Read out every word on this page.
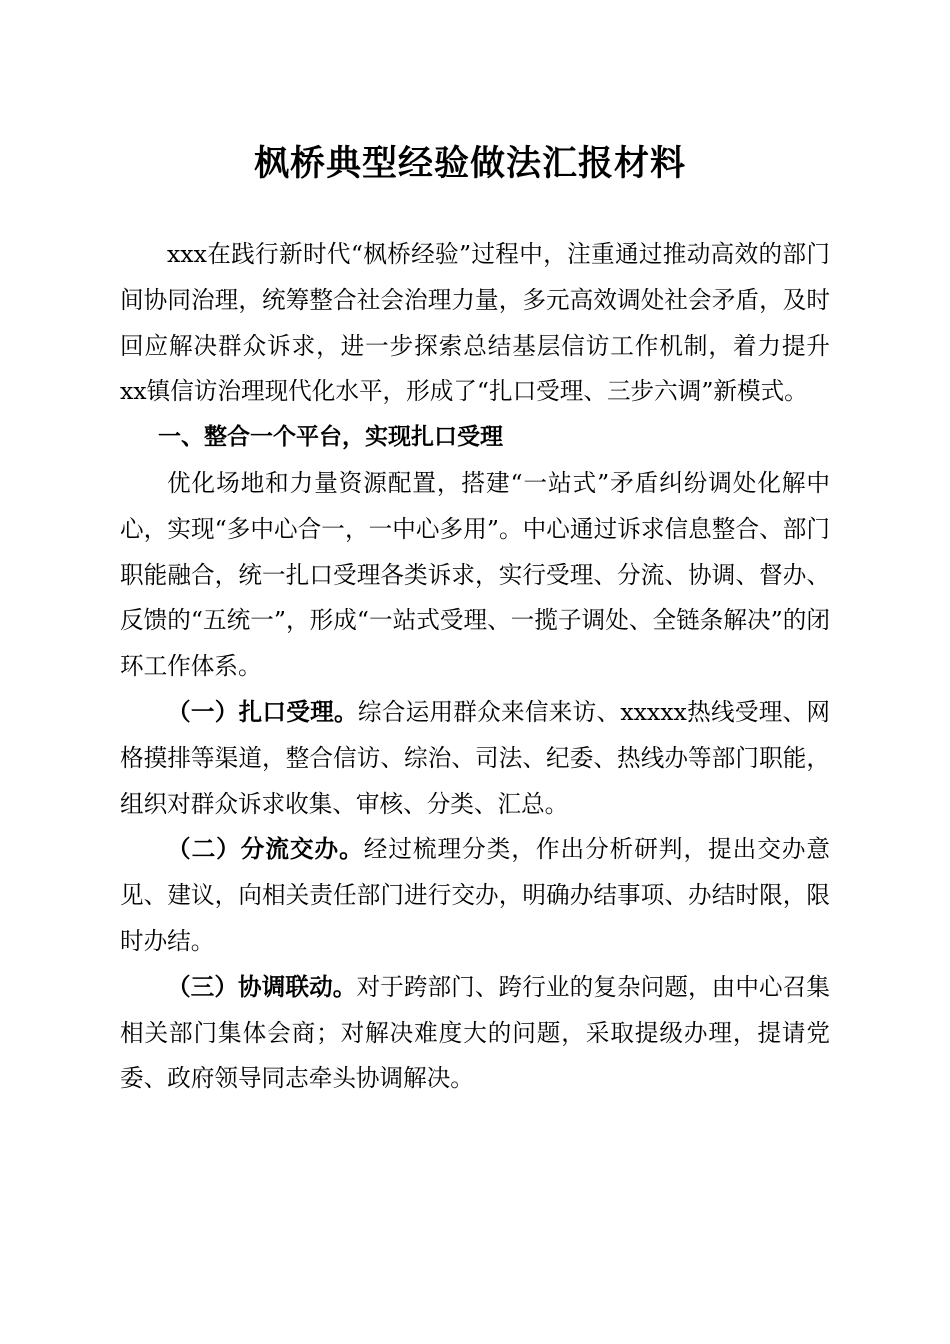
枫桥典型经验做法汇报材料

xxx在践行新时代“枫桥经验”过程中，注重通过推动高效的部门间协同治理，统筹整合社会治理力量，多元高效调处社会矛盾，及时回应解决群众诉求，进一步探索总结基层信访工作机制，着力提升xx镇信访治理现代化水平，形成了“扎口受理、三步六调”新模式。

一、整合一个平台，实现扎口受理

优化场地和力量资源配置，搭建“一站式”矛盾纠纷调处化解中心，实现“多中心合一，一中心多用”。中心通过诉求信息整合、部门职能融合，统一扎口受理各类诉求，实行受理、分流、协调、督办、反馈的“五统一”，形成“一站式受理、一揽子调处、全链条解决”的闭环工作体系。

（一）扎口受理。综合运用群众来信来访、xxxxx热线受理、网格摸排等渠道，整合信访、综治、司法、纪委、热线办等部门职能，组织对群众诉求收集、审核、分类、汇总。

（二）分流交办。经过梳理分类，作出分析研判，提出交办意见、建议，向相关责任部门进行交办，明确办结事项、办结时限，限时办结。

（三）协调联动。对于跨部门、跨行业的复杂问题，由中心召集相关部门集体会商；对解决难度大的问题，采取提级办理，提请党委、政府领导同志牵头协调解决。
